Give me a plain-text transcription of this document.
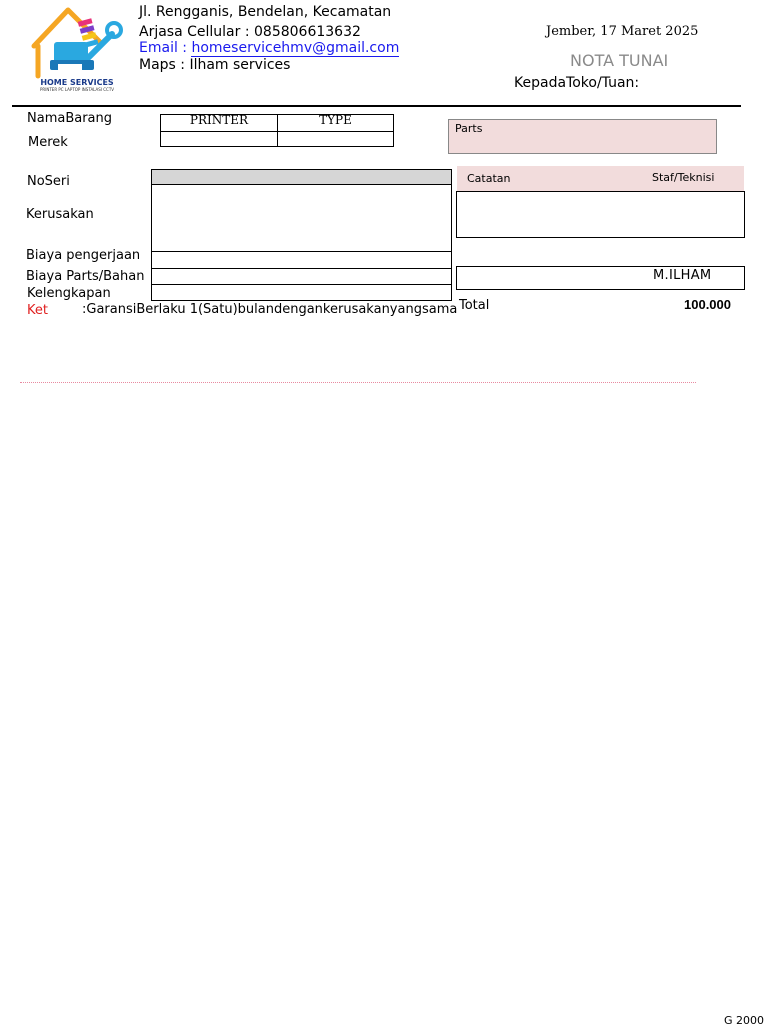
HOME SERVICES
PRINTER PC LAPTOP INSTALASI CCTV
Jl. Rengganis, Bendelan, Kecamatan
Arjasa Cellular : 085806613632
Email : homeservicehmv@gmail.com
Maps : Ilham services
Jember, 17 Maret 2025
NOTA TUNAI
KepadaToko/Tuan:
NamaBarang
Merek
PRINTER	TYPE
Parts
NoSeri
Kerusakan
Biaya pengerjaan
Biaya Parts/Bahan
Kelengkapan
Catatan	Staf/Teknisi
M.ILHAM
Total	100.000
Ket	:GaransiBerlaku 1(Satu)bulandengankerusakanyangsama
G 2000
